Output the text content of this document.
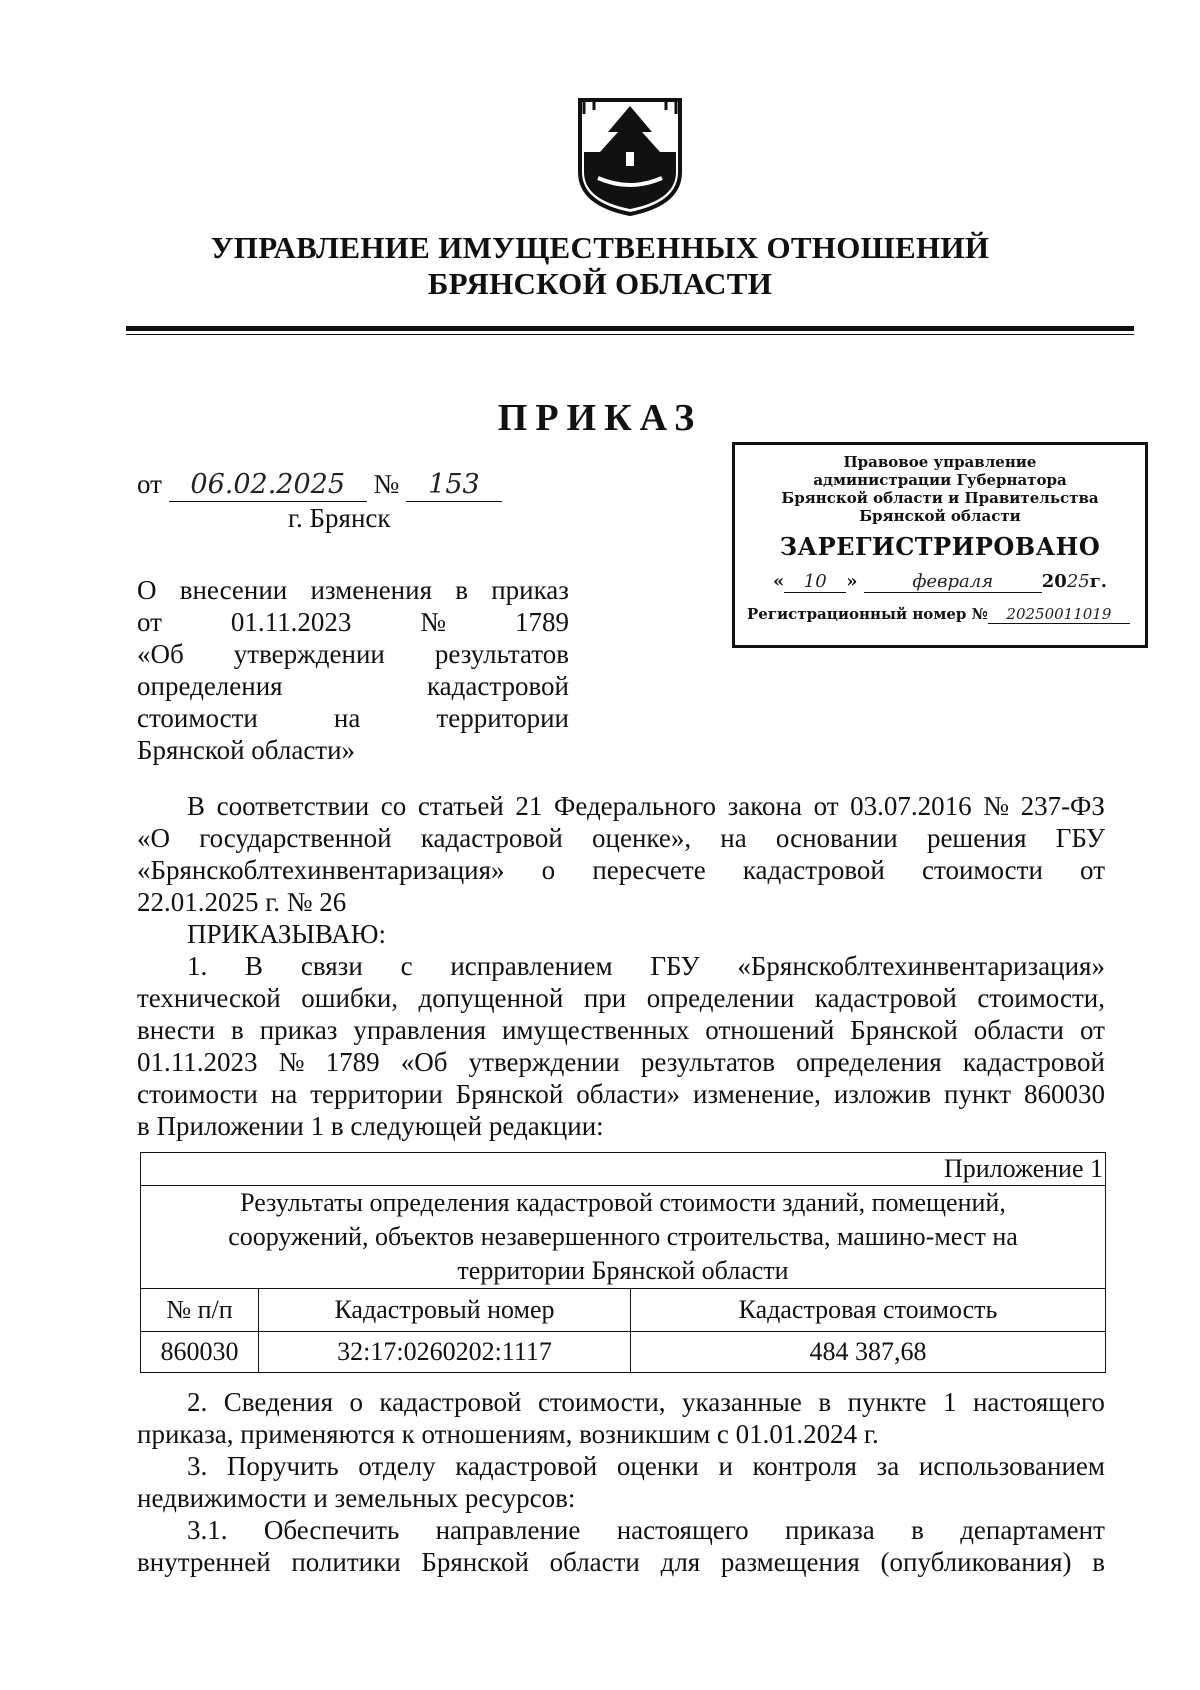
УПРАВЛЕНИЕ ИМУЩЕСТВЕННЫХ ОТНОШЕНИЙ
БРЯНСКОЙ ОБЛАСТИ
ПРИКАЗ
от 06.02.2025 № 153
г. Брянск
Правовое управление
администрации Губернатора
Брянской области и Правительства
Брянской области
ЗАРЕГИСТРИРОВАНО
« 10 »	февраля	2025г.
Регистрационный номер № 20250011019
О внесении изменения в приказ
от	01.11.2023	№	1789
«Об утверждении результатов
определения	кадастровой
стоимости	на	территории
Брянской области»
В соответствии со статьей 21 Федерального закона от 03.07.2016 № 237-ФЗ
«О государственной кадастровой оценке», на основании решения ГБУ
«Брянскоблтехинвентаризация» о пересчете кадастровой стоимости от
22.01.2025 г. № 26
ПРИКАЗЫВАЮ:
1. В связи с исправлением ГБУ «Брянскоблтехинвентаризация»
технической ошибки, допущенной при определении кадастровой стоимости,
внести в приказ управления имущественных отношений Брянской области от
01.11.2023 № 1789 «Об утверждении результатов определения кадастровой
стоимости на территории Брянской области» изменение, изложив пункт 860030
в Приложении 1 в следующей редакции:
Приложение 1		

Результаты определения кадастровой стоимости зданий, помещений,
сооружений, объектов незавершенного строительства, машино-мест на
территории Брянской области		

№ п/п	Кадастровый номер	Кадастровая стоимость
860030	32:17:0260202:1117	484 387,68
2. Сведения о кадастровой стоимости, указанные в пункте 1 настоящего
приказа, применяются к отношениям, возникшим с 01.01.2024 г.
3. Поручить отделу кадастровой оценки и контроля за использованием
недвижимости и земельных ресурсов:
3.1. Обеспечить направление настоящего приказа в департамент
внутренней политики Брянской области для размещения (опубликования) в
